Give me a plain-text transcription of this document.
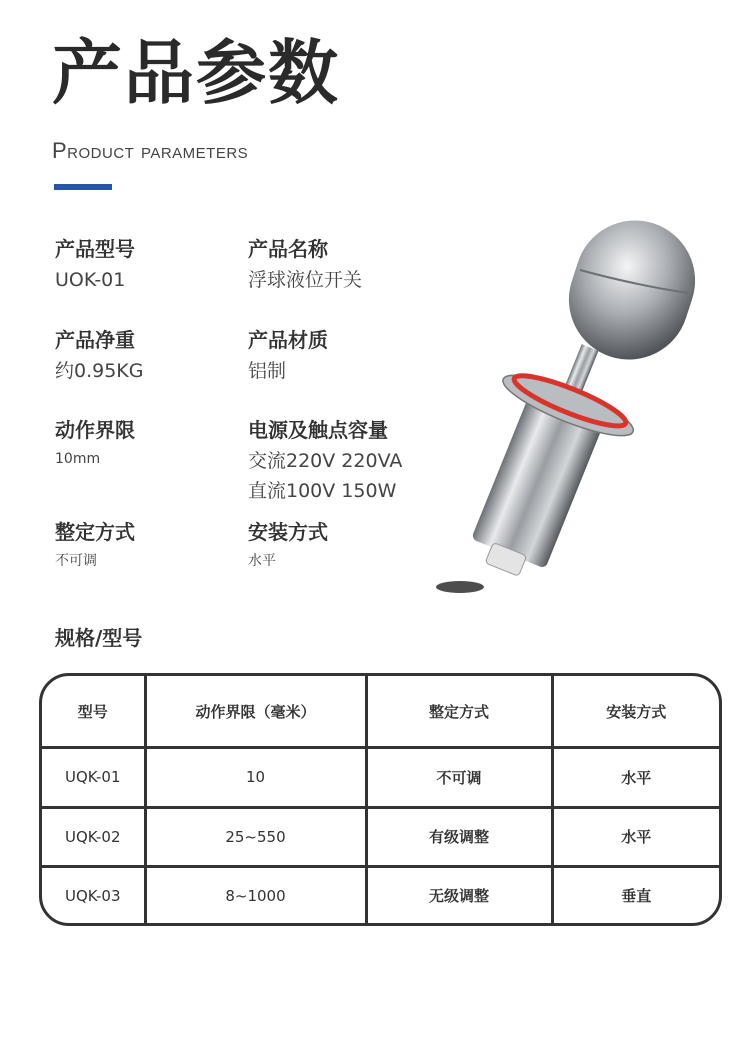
产品参数
Product parameters
产品型号
UOK-01
产品名称
浮球液位开关
产品净重
约0.95KG
产品材质
铝制
动作界限
10mm
电源及触点容量
交流220V 220VA
直流100V 150W
整定方式
不可调
安装方式
水平
规格/型号
型号	动作界限（毫米）	整定方式	安装方式
UQK-01	10	不可调	水平
UQK-02	25~550	有级调整	水平
UQK-03	8~1000	无级调整	垂直
